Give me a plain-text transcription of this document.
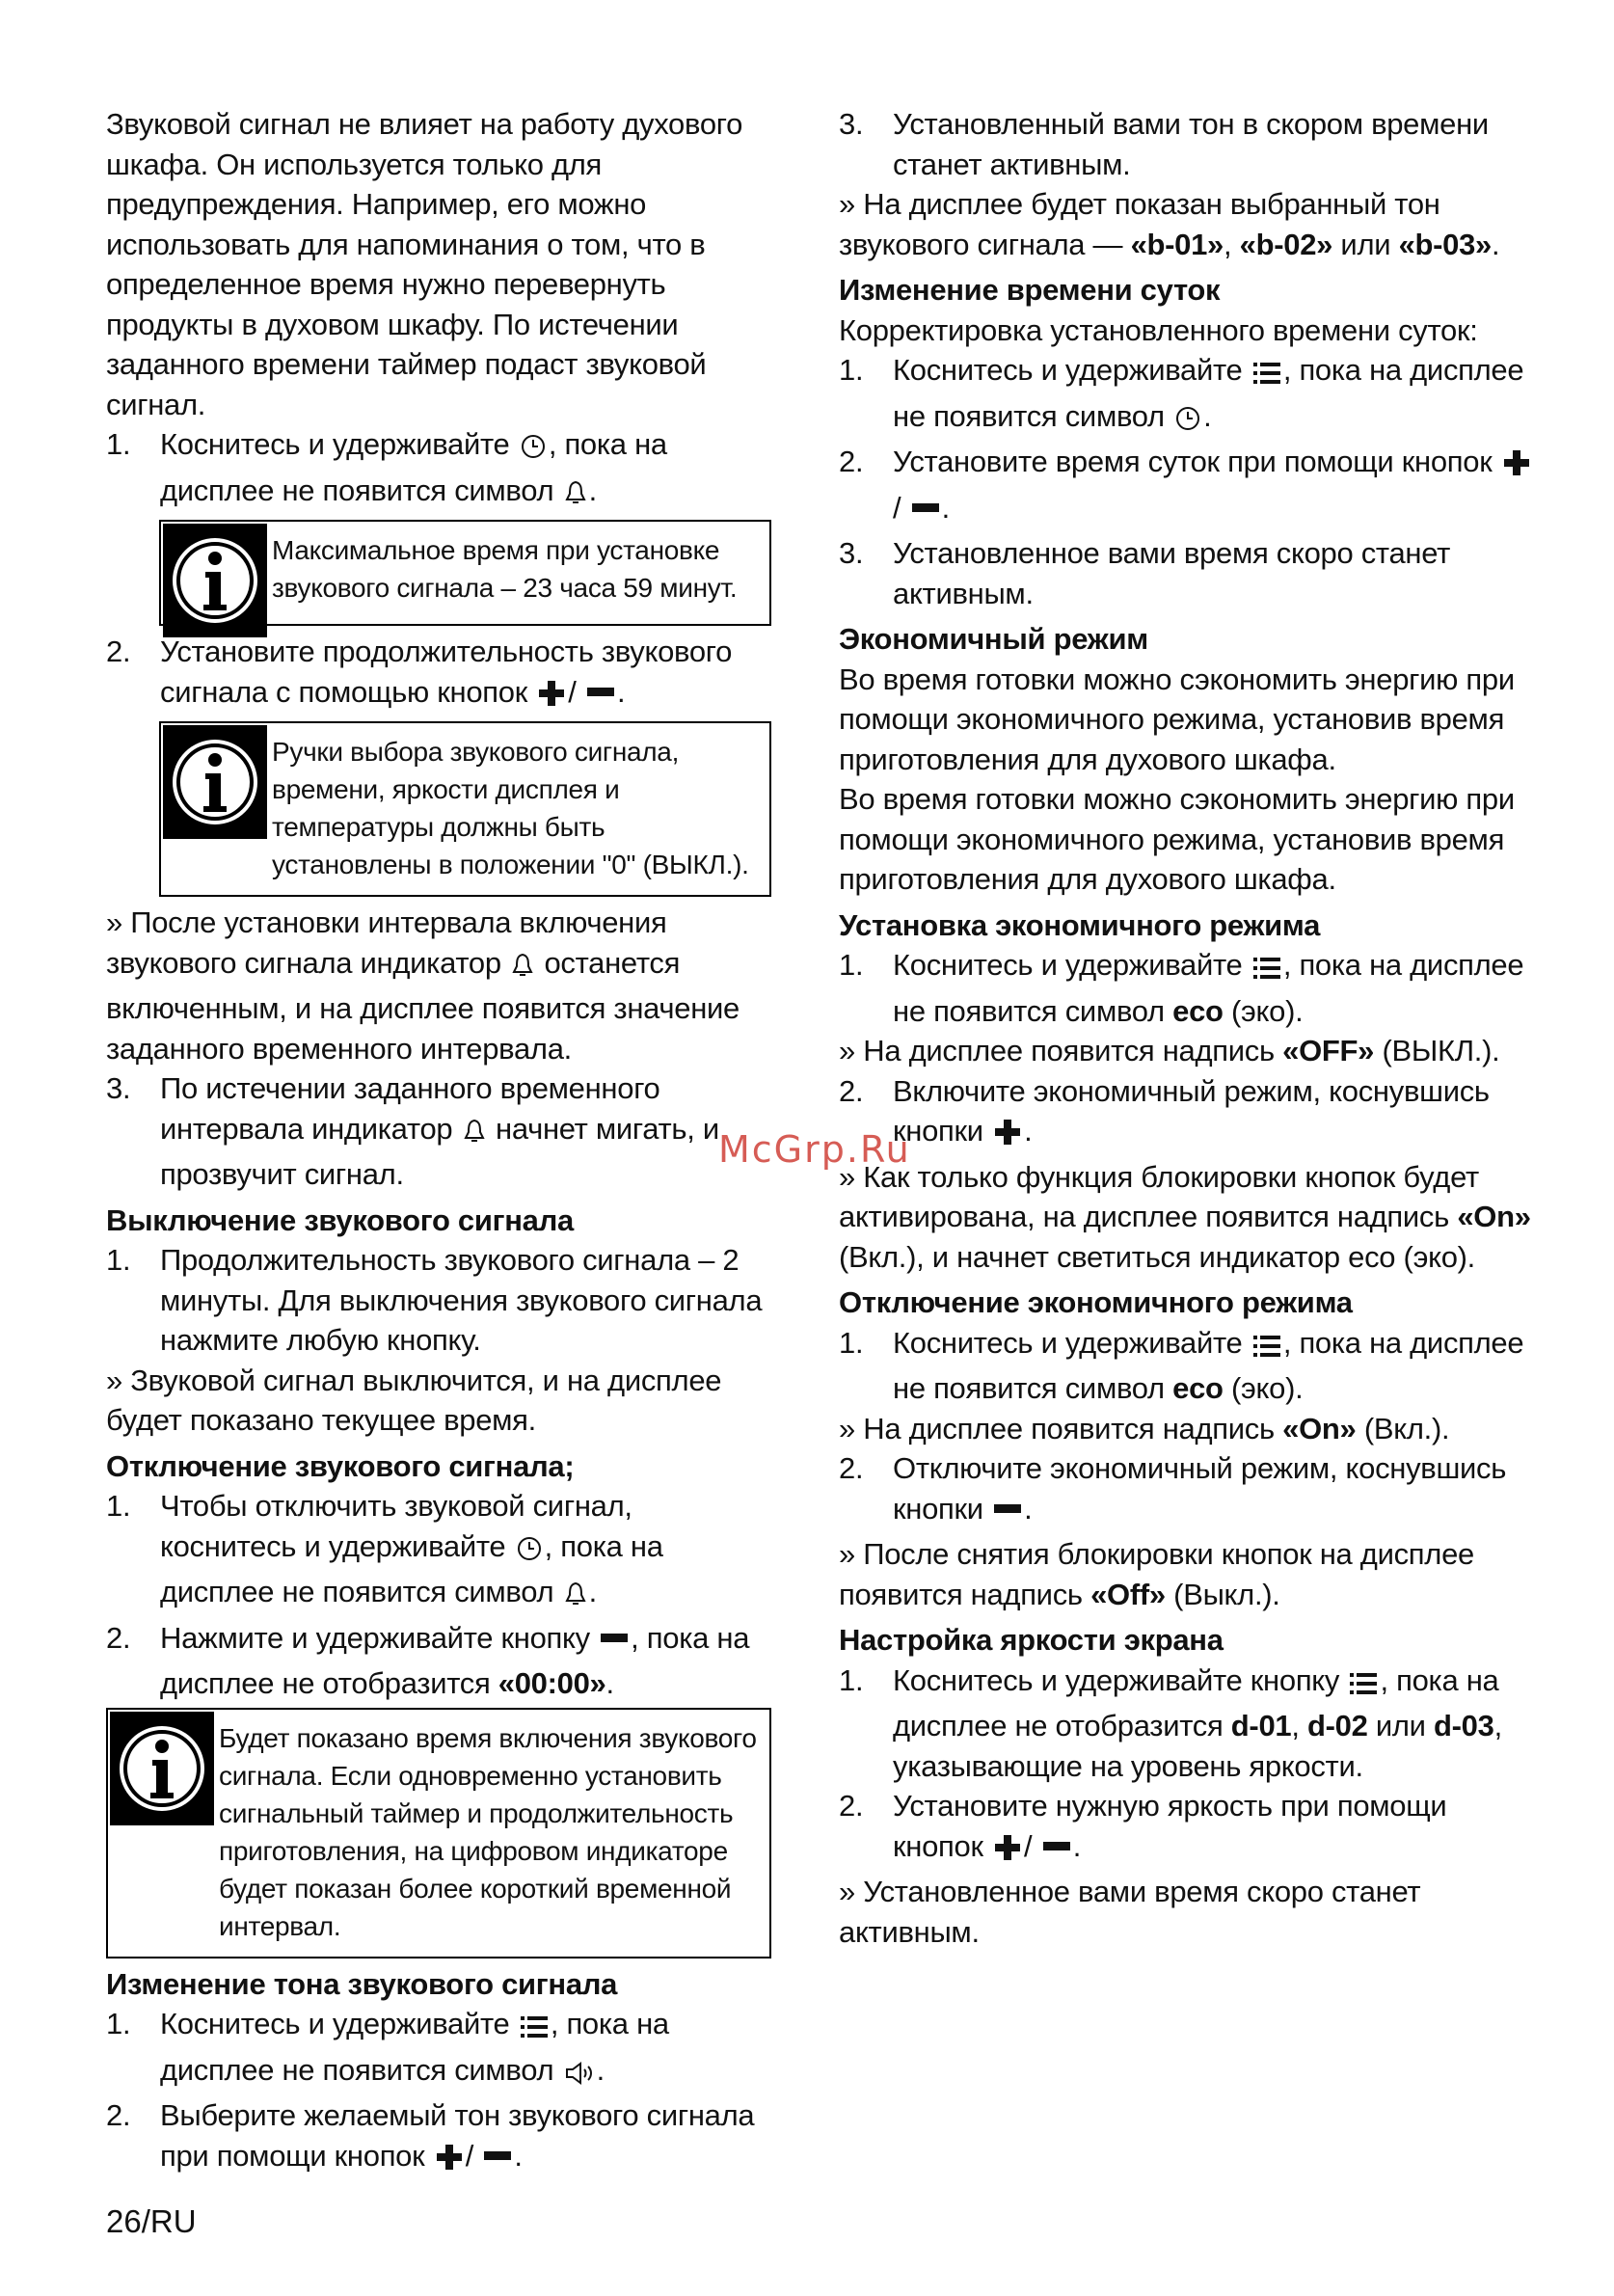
Звуковой сигнал не влияет на работу духового шкафа. Он используется только для предупреждения. Например, его можно использовать для напоминания о том, что в определенное время нужно перевернуть продукты в духовом шкафу. По истечении заданного времени таймер подаст звуковой сигнал.

1. Коснитесь и удерживайте , пока на дисплее не появится символ .
Максимальное время при установке звукового сигнала – 23 часа 59 минут.
2. Установите продолжительность звукового сигнала с помощью кнопок / .
Ручки выбора звукового сигнала, времени, яркости дисплея и температуры должны быть установлены в положении "0" (ВЫКЛ.).

» После установки интервала включения звукового сигнала индикатор останется включенным, и на дисплее появится значение заданного временного интервала.

3. По истечении заданного временного интервала индикатор начнет мигать, и прозвучит сигнал.

Выключение звукового сигнала

1. Продолжительность звукового сигнала – 2 минуты. Для выключения звукового сигнала нажмите любую кнопку.

» Звуковой сигнал выключится, и на дисплее будет показано текущее время.

Отключение звукового сигнала;

1. Чтобы отключить звуковой сигнал, коснитесь и удерживайте , пока на дисплее не появится символ .
2. Нажмите и удерживайте кнопку , пока на дисплее не отобразится «00:00».
Будет показано время включения звукового сигнала. Если одновременно установить сигнальный таймер и продолжительность приготовления, на цифровом индикаторе будет показан более короткий временной интервал.

Изменение тона звукового сигнала

1. Коснитесь и удерживайте , пока на дисплее не появится символ .
2. Выберите желаемый тон звукового сигнала при помощи кнопок / .
3. Установленный вами тон в скором времени станет активным.

» На дисплее будет показан выбранный тон звукового сигнала — «b-01», «b-02» или «b-03».

Изменение времени суток

Корректировка установленного времени суток:

1. Коснитесь и удерживайте , пока на дисплее не появится символ .
2. Установите время суток при помощи кнопок / .
3. Установленное вами время скоро станет активным.

Экономичный режим

Во время готовки можно сэкономить энергию при помощи экономичного режима, установив время приготовления для духового шкафа.

Во время готовки можно сэкономить энергию при помощи экономичного режима, установив время приготовления для духового шкафа.

Установка экономичного режима

1. Коснитесь и удерживайте , пока на дисплее не появится символ eco (эко).

» На дисплее появится надпись «OFF» (ВЫКЛ.).

2. Включите экономичный режим, коснувшись кнопки .

» Как только функция блокировки кнопок будет активирована, на дисплее появится надпись «On» (Вкл.), и начнет светиться индикатор eco (эко).

Отключение экономичного режима

1. Коснитесь и удерживайте , пока на дисплее не появится символ eco (эко).

» На дисплее появится надпись «On» (Вкл.).

2. Отключите экономичный режим, коснувшись кнопки .

» После снятия блокировки кнопок на дисплее появится надпись «Off» (Выкл.).

Настройка яркости экрана

1. Коснитесь и удерживайте кнопку , пока на дисплее не отобразится d-01, d-02 или d-03, указывающие на уровень яркости.
2. Установите нужную яркость при помощи кнопок / .

» Установленное вами время скоро станет активным.

McGrp.Ru
26/RU
